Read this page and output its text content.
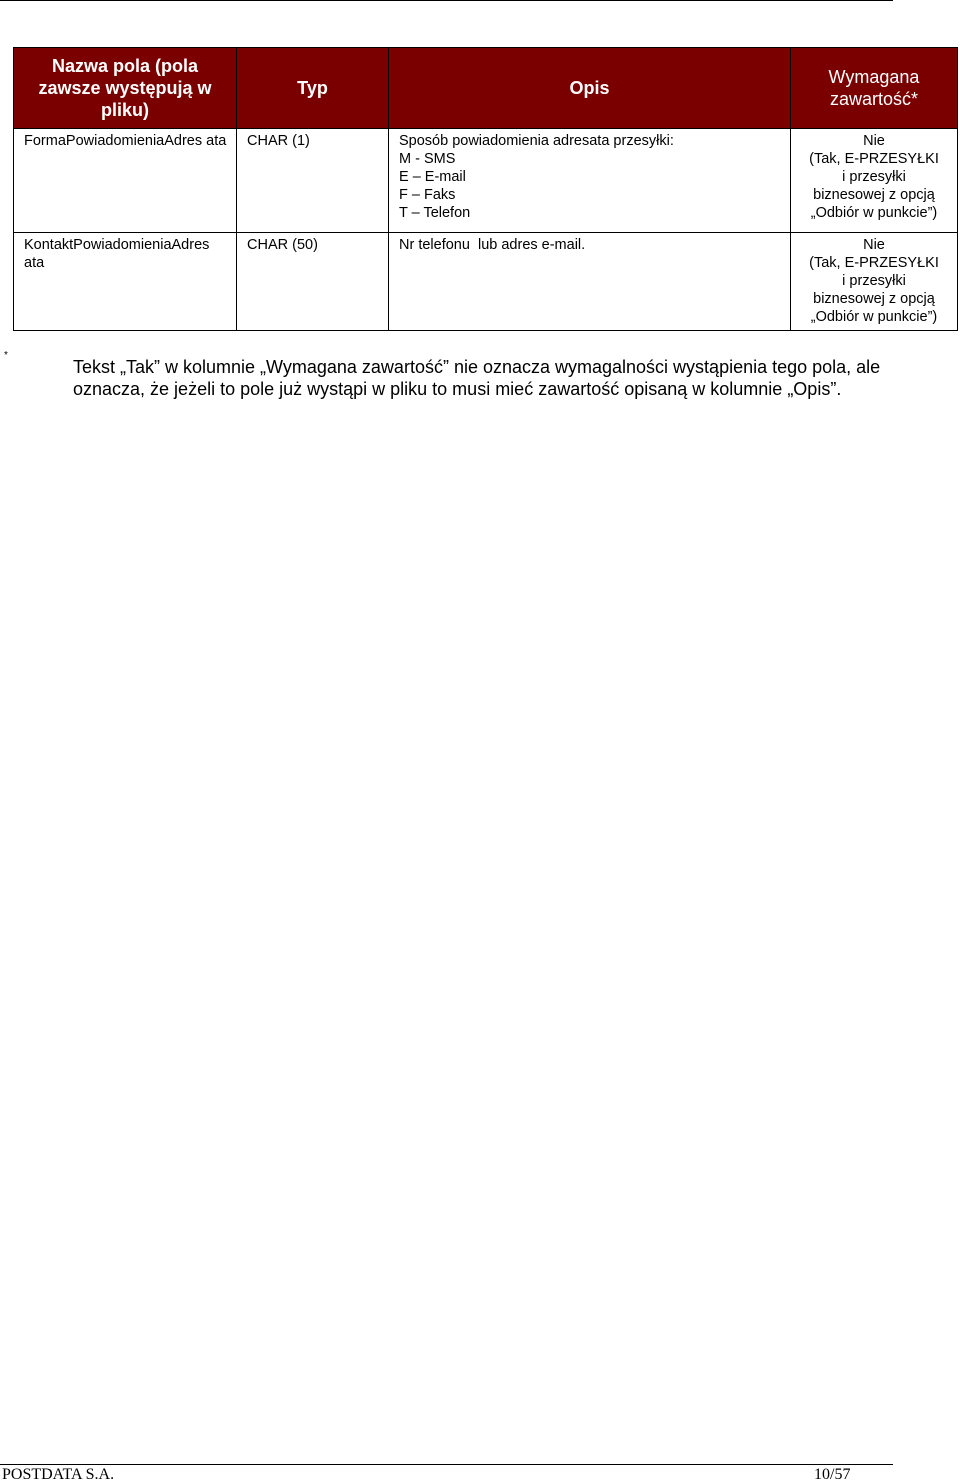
Nazwa pola (pola zawsze występują w pliku)	Typ	Opis	Wymagana zawartość*
FormaPowiadomieniaAdres ata	CHAR (1)	Sposób powiadomienia adresata przesyłki:
M - SMS
E – E-mail
F – Faks
T – Telefon	Nie
(Tak, E-PRZESYŁKI
i przesyłki
biznesowej z opcją
„Odbiór w punkcie”)

KontaktPowiadomieniaAdres ata	CHAR (50)	Nr telefonu  lub adres e-mail.	Nie
(Tak, E-PRZESYŁKI
i przesyłki
biznesowej z opcją
„Odbiór w punkcie”)
*
Tekst „Tak” w kolumnie „Wymagana zawartość” nie oznacza wymagalności wystąpienia tego pola, ale oznacza, że jeżeli to pole już wystąpi w pliku to musi mieć zawartość opisaną w kolumnie „Opis”.
POSTDATA S.A.	10/57
